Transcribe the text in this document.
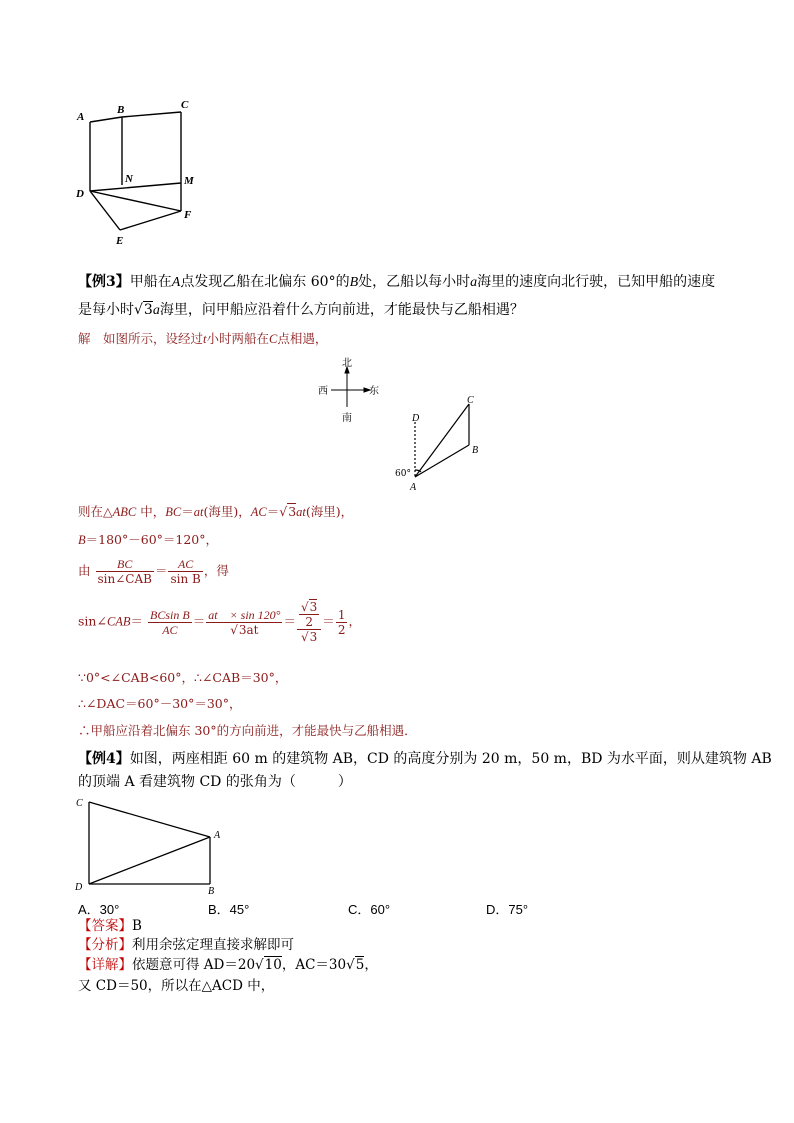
A
B	C
D
N	M
E
F
【例3】甲船在A点发现乙船在北偏东 60°的B处，乙船以每小时a海里的速度向北行驶，已知甲船的速度
是每小时√3a海里，问甲船应沿着什么方向前进，才能最快与乙船相遇？
解　如图所示，设经过t小时两船在C点相遇，
北
南
西	东
D
C
B
A
60°
则在△ABC 中，BC＝at(海里)，AC＝√3at(海里)，
B＝180°－60°＝120°，
由 $\frac{BC}{\text{sin∠CAB}} = \frac{AC}{\text{sin B}}$ ，得
sin∠CAB＝ $\frac{\text{BCsin B}}{AC} = \frac{at \times \sin 120^\circ}{√3at} = \frac{\frac{√3}{2}}{√3} = \frac{1}{2}$ ，
∵0°<∠CAB<60°，∴∠CAB＝30°，
∴∠DAC＝60°－30°＝30°，
∴甲船应沿着北偏东 30°的方向前进，才能最快与乙船相遇．
【例4】如图，两座相距 60 m 的建筑物 AB，CD 的高度分别为 20 m，50 m，BD 为水平面，则从建筑物 AB
的顶端 A 看建筑物 CD 的张角为（　　　）
C
A
D	B
A．30°	B．45°	C．60°	D．75°
【答案】B
【分析】利用余弦定理直接求解即可
【详解】依题意可得 AD＝20√10，AC＝30√5，
又 CD＝50，所以在△ACD 中，
